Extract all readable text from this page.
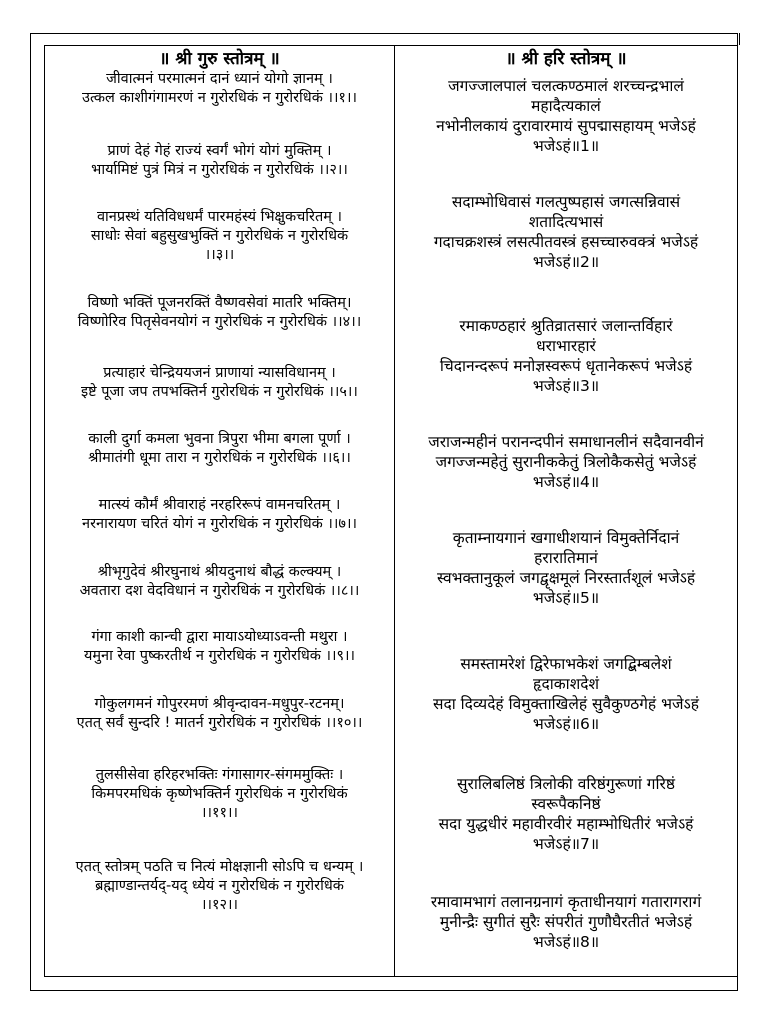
॥ श्री गुरु स्तोत्रम् ॥
जीवात्मनं परमात्मनं दानं ध्यानं योगो ज्ञानम् ।
उत्कल काशीगंगामरणं न गुरोरधिकं न गुरोरधिकं ।।१।।
प्राणं देहं गेहं राज्यं स्वर्गं भोगं योगं मुक्तिम् ।
भार्यामिष्टं पुत्रं मित्रं न गुरोरधिकं न गुरोरधिकं ।।२।।
वानप्रस्थं यतिविधधर्मं पारमहंस्यं भिक्षुकचरितम् ।
साधोः सेवां बहुसुखभुक्तिं न गुरोरधिकं न गुरोरधिकं
।।३।।
विष्णो भक्तिं पूजनरक्तिं वैष्णवसेवां मातरि भक्तिम्।
विष्णोरिव पितृसेवनयोगं न गुरोरधिकं न गुरोरधिकं ।।४।।
प्रत्याहारं चेन्द्रिययजनं प्राणायां न्यासविधानम् ।
इष्टे पूजा जप तपभक्तिर्न गुरोरधिकं न गुरोरधिकं ।।५।।
काली दुर्गा कमला भुवना त्रिपुरा भीमा बगला पूर्णा ।
श्रीमातंगी धूमा तारा न गुरोरधिकं न गुरोरधिकं ।।६।।
मात्स्यं कौर्मं श्रीवाराहं नरहरिरूपं वामनचरितम् ।
नरनारायण चरितं योगं न गुरोरधिकं न गुरोरधिकं ।।७।।
श्रीभृगुदेवं श्रीरघुनाथं श्रीयदुनाथं बौद्धं कल्क्यम् ।
अवतारा दश वेदविधानं न गुरोरधिकं न गुरोरधिकं ।।८।।
गंगा काशी कान्ची द्वारा मायाऽयोध्याऽवन्ती मथुरा ।
यमुना रेवा पुष्करतीर्थ न गुरोरधिकं न गुरोरधिकं ।।९।।
गोकुलगमनं गोपुररमणं श्रीवृन्दावन-मधुपुर-रटनम्।
एतत् सर्वं सुन्दरि ! मातर्न गुरोरधिकं न गुरोरधिकं ।।१०।।
तुलसीसेवा हरिहरभक्तिः गंगासागर-संगममुक्तिः ।
किमपरमधिकं कृष्णेभक्तिर्न गुरोरधिकं न गुरोरधिकं
।।११।।
एतत् स्तोत्रम् पठति च नित्यं मोक्षज्ञानी सोऽपि च धन्यम् ।
ब्रह्माण्डान्तर्यद्-यद् ध्येयं न गुरोरधिकं न गुरोरधिकं
।।१२।।
॥ श्री हरि स्तोत्रम् ॥
जगज्जालपालं चलत्कण्ठमालं शरच्चन्द्रभालं
महादैत्यकालं
नभोनीलकायं दुरावारमायं सुपद्मासहायम् भजेऽहं
भजेऽहं॥1॥
सदाम्भोधिवासं गलत्पुष्पहासं जगत्सन्निवासं
शतादित्यभासं
गदाचक्रशस्त्रं लसत्पीतवस्त्रं हसच्चारुवक्त्रं भजेऽहं
भजेऽहं॥2॥
रमाकण्ठहारं श्रुतिव्रातसारं जलान्तर्विहारं
धराभारहारं
चिदानन्दरूपं मनोज्ञस्वरूपं धृतानेकरूपं भजेऽहं
भजेऽहं॥3॥
जराजन्महीनं परानन्दपीनं समाधानलीनं सदैवानवीनं
जगज्जन्महेतुं सुरानीककेतुं त्रिलोकैकसेतुं भजेऽहं
भजेऽहं॥4॥
कृताम्नायगानं खगाधीशयानं विमुक्तेर्निदानं
हरारातिमानं
स्वभक्तानुकूलं जगद्वृक्षमूलं निरस्तार्तशूलं भजेऽहं
भजेऽहं॥5॥
समस्तामरेशं द्विरेफाभकेशं जगद्बिम्बलेशं
हृदाकाशदेशं
सदा दिव्यदेहं विमुक्ताखिलेहं सुवैकुण्ठगेहं भजेऽहं
भजेऽहं॥6॥
सुरालिबलिष्ठं त्रिलोकी वरिष्ठंगुरूणां गरिष्ठं
स्वरूपैकनिष्ठं
सदा युद्धधीरं महावीरवीरं महाम्भोधितीरं भजेऽहं
भजेऽहं॥7॥
रमावामभागं तलानग्रनागं कृताधीनयागं गतारागरागं
मुनीन्द्रैः सुगीतं सुरैः संपरीतं गुणौघैरतीतं भजेऽहं
भजेऽहं॥8॥
